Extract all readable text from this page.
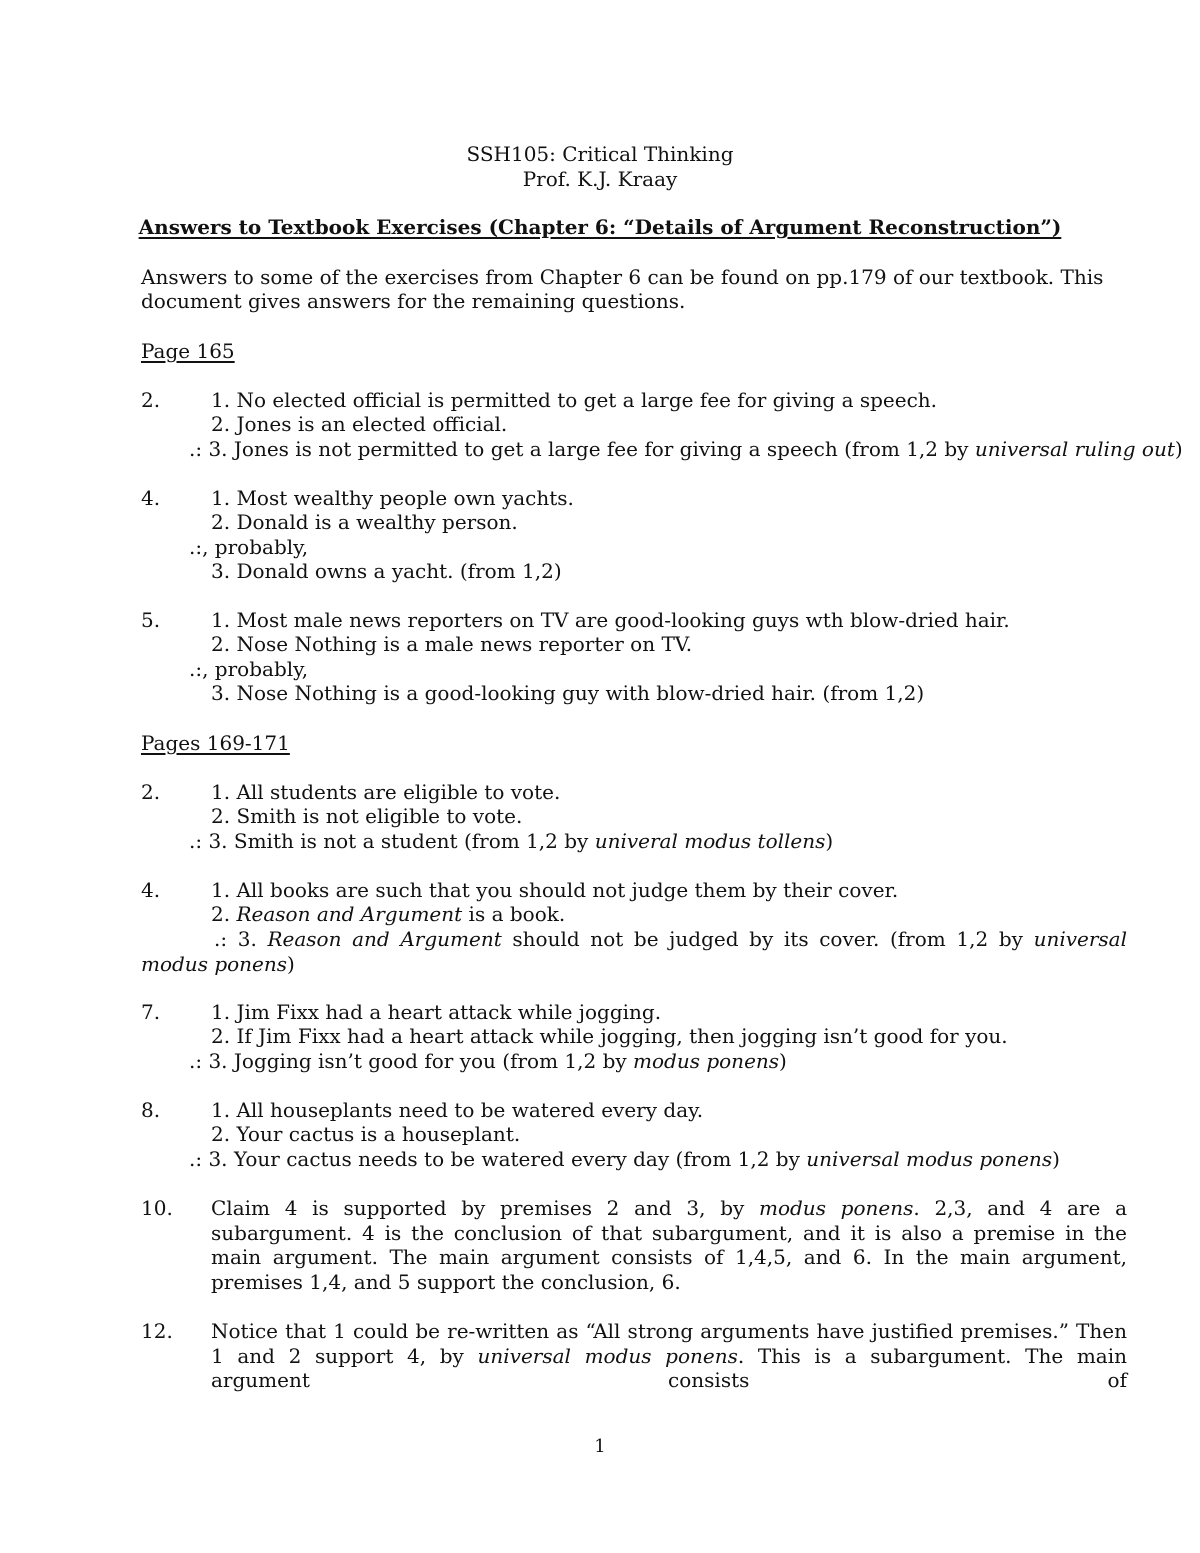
SSH105: Critical Thinking
Prof. K.J. Kraay
Answers to Textbook Exercises (Chapter 6: “Details of Argument Reconstruction”)
Answers to some of the exercises from Chapter 6 can be found on pp.179 of our textbook. This
document gives answers for the remaining questions.
Page 165
2.	1. No elected official is permitted to get a large fee for giving a speech.
2. Jones is an elected official.
.: 3. Jones is not permitted to get a large fee for giving a speech (from 1,2 by universal ruling out)
4.	1. Most wealthy people own yachts.
2. Donald is a wealthy person.
.:, probably,
3. Donald owns a yacht. (from 1,2)
5.	1. Most male news reporters on TV are good-looking guys wth blow-dried hair.
2. Nose Nothing is a male news reporter on TV.
.:, probably,
3. Nose Nothing is a good-looking guy with blow-dried hair. (from 1,2)
Pages 169-171
2.	1. All students are eligible to vote.
2. Smith is not eligible to vote.
.: 3. Smith is not a student (from 1,2 by univeral modus tollens)
4.	1. All books are such that you should not judge them by their cover.
2. Reason and Argument is a book.
.: 3. Reason and Argument should not be judged by its cover. (from 1,2 by universal modus ponens)
7.	1. Jim Fixx had a heart attack while jogging.
2. If Jim Fixx had a heart attack while jogging, then jogging isn’t good for you.
.: 3. Jogging isn’t good for you (from 1,2 by modus ponens)
8.	1. All houseplants need to be watered every day.
2. Your cactus is a houseplant.
.: 3. Your cactus needs to be watered every day (from 1,2 by universal modus ponens)
10. Claim 4 is supported by premises 2 and 3, by modus ponens. 2,3, and 4 are a subargument. 4 is the conclusion of that subargument, and it is also a premise in the main argument. The main argument consists of 1,4,5, and 6. In the main argument, premises 1,4, and 5 support the conclusion, 6.
12. Notice that 1 could be re-written as “All strong arguments have justified premises.” Then 1 and 2 support 4, by universal modus ponens. This is a subargument. The main argument consists of
1
